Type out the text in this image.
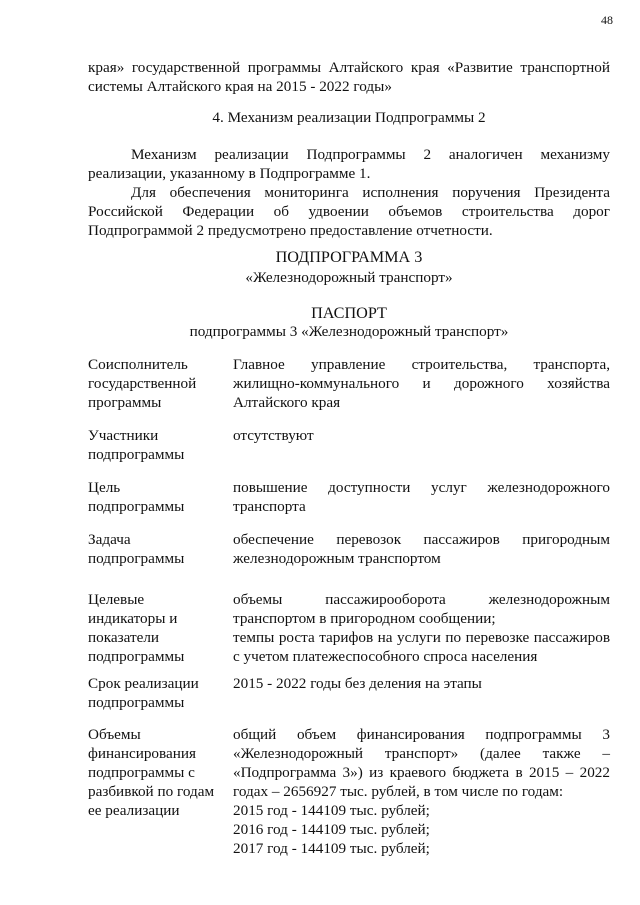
48
края» государственной программы Алтайского края «Развитие транспортной системы Алтайского края на 2015 - 2022 годы»
4. Механизм реализации Подпрограммы 2
Механизм реализации Подпрограммы 2 аналогичен механизму реализации, указанному в Подпрограмме 1.
Для обеспечения мониторинга исполнения поручения Президента Российской Федерации об удвоении объемов строительства дорог Подпрограммой 2 предусмотрено предоставление отчетности.
ПОДПРОГРАММА 3
«Железнодорожный транспорт»
ПАСПОРТ
подпрограммы 3 «Железнодорожный транспорт»
Соисполнитель государственной программы
Главное управление строительства, транспорта, жилищно-коммунального и дорожного хозяйства Алтайского края
Участники подпрограммы
отсутствуют
Цель подпрограммы
повышение доступности услуг железнодорожного транспорта
Задача подпрограммы
обеспечение перевозок пассажиров пригородным железнодорожным транспортом
Целевые индикаторы и показатели подпрограммы
объемы пассажирооборота железнодорожным транспортом в пригородном сообщении;
темпы роста тарифов на услуги по перевозке пассажиров с учетом платежеспособного спроса населения
Срок реализации подпрограммы
2015 - 2022 годы без деления на этапы
Объемы финансирования подпрограммы с разбивкой по годам ее реализации
общий объем финансирования подпрограммы 3 «Железнодорожный транспорт» (далее также – «Подпрограмма 3») из краевого бюджета в 2015 – 2022 годах – 2656927 тыс. рублей, в том числе по годам:
2015 год - 144109 тыс. рублей;
2016 год - 144109 тыс. рублей;
2017 год - 144109 тыс. рублей;
